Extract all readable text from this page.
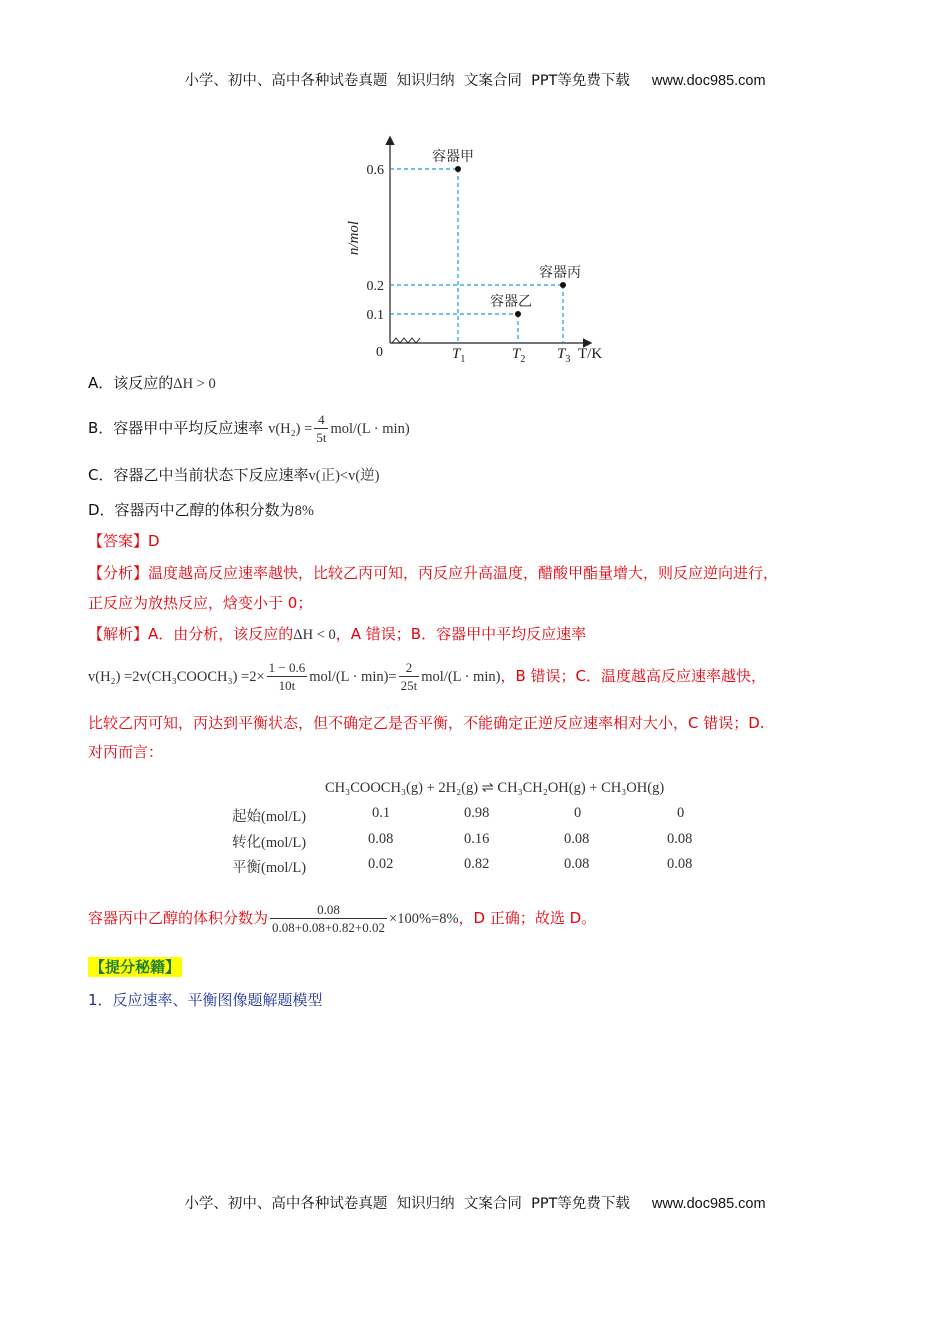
小学、初中、高中各种试卷真题  知识归纳  文案合同  PPT等免费下载 www.doc985.com
n/mol
T/K
0
0.6
0.2
0.1
$T_1$	$T_2$ $T_3$
容器甲
容器乙
容器丙
A．该反应的ΔH > 0
B．容器甲中平均反应速率 $v(H_2) = \frac{4}{5t} mol/(L \cdot \min)$
C．容器乙中当前状态下反应速率v(正)<v(逆)
D．容器丙中乙醇的体积分数为8%
【答案】D
【分析】温度越高反应速率越快，比较乙丙可知，丙反应升高温度，醋酸甲酯量增大，则反应逆向进行，
正反应为放热反应，焓变小于 0；
【解析】A．由分析，该反应的ΔH < 0，A 错误；B．容器甲中平均反应速率
v(H₂) =2v(CH₃COOCH₃) $=2\times \frac{1 - 0.6}{10t} mol/(L \cdot \min)= \frac{2}{25t} mol/(L \cdot \min)$，B 错误；C．温度越高反应速率越快，
比较乙丙可知，丙达到平衡状态，但不确定乙是否平衡，不能确定正逆反应速率相对大小，C 错误；D.
对丙而言：
CH₃COOCH₃(g) + 2H₂(g) ⇌ CH₃CH₂OH(g) + CH₃OH(g)
起始(mol/L)	0.1	0.98	0	0
转化(mol/L)	0.08	0.16	0.08	0.08
平衡(mol/L)	0.02	0.82	0.08	0.08
容器丙中乙醇的体积分数为 $\frac{0.08}{0.08+0.08+0.82+0.02} \times 100\%=8\%$，D 正确；故选 D。
【提分秘籍】
1．反应速率、平衡图像题解题模型
小学、初中、高中各种试卷真题  知识归纳  文案合同  PPT等免费下载 www.doc985.com
